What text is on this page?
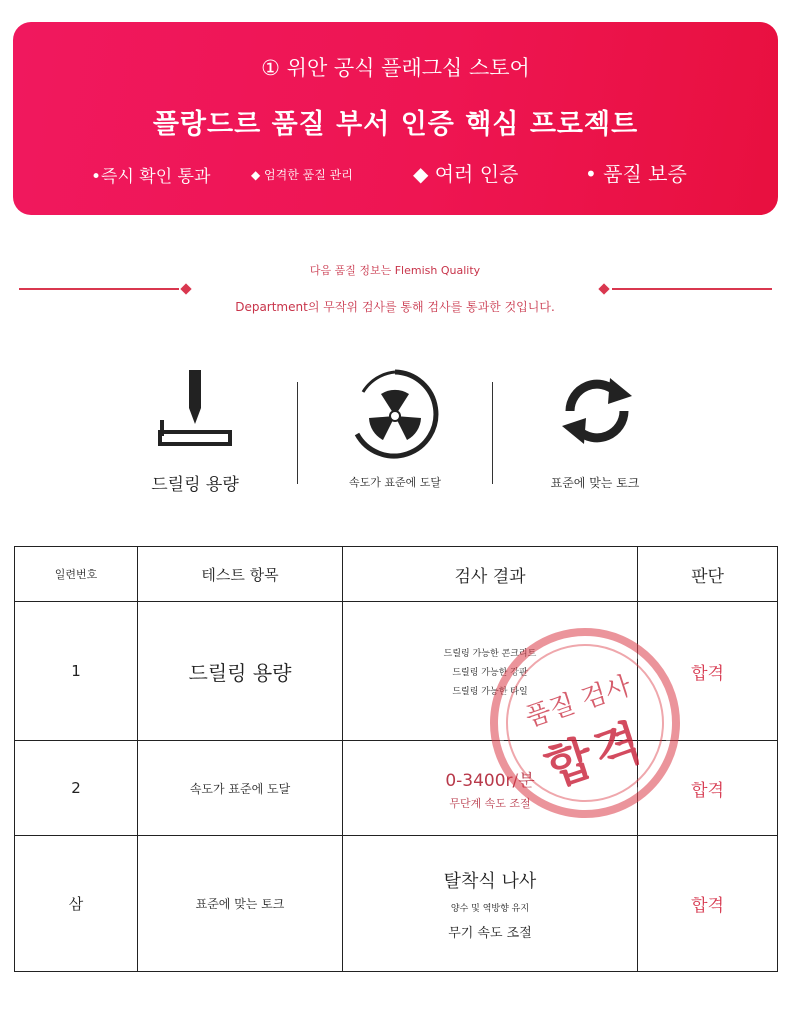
① 위안 공식 플래그십 스토어
플랑드르 품질 부서 인증 핵심 프로젝트
•즉시 확인 통과	◆ 엄격한 품질 관리	◆ 여러 인증	• 품질 보증
다음 품질 정보는 Flemish Quality
Department의 무작위 검사를 통해 검사를 통과한 것입니다.
드릴링 용량	속도가 표준에 도달	표준에 맞는 토크
일련번호	테스트 항목	검사 결과	판단
1	드릴링 용량	드릴링 가능한 콘크리트
드릴링 가능한 강판
드릴링 가능한 타일	합격
2	속도가 표준에 도달	0-3400r/분
무단계 속도 조절	합격
삼	표준에 맞는 토크	탈착식 나사
양수 및 역방향 유지
무기 속도 조절	합격
품질 검사
합격
